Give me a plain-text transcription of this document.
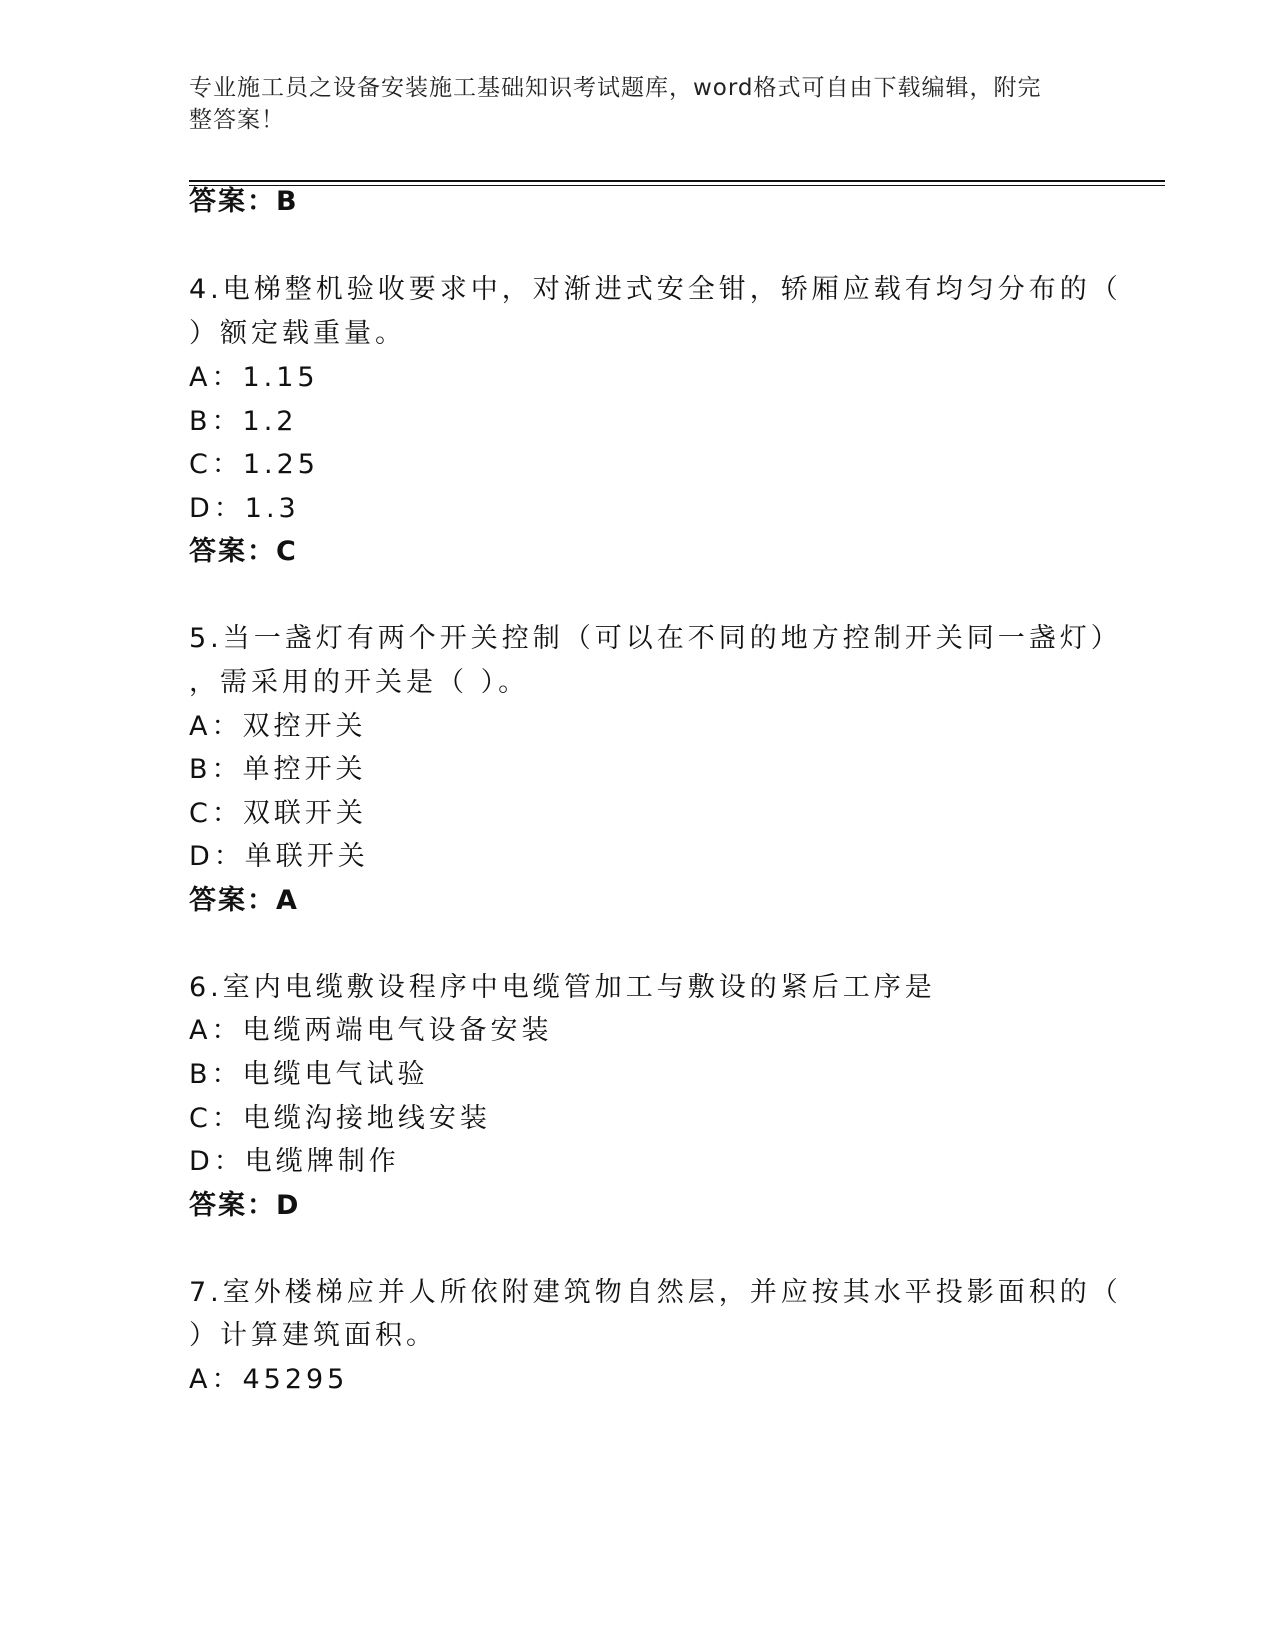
专业施工员之设备安装施工基础知识考试题库，word格式可自由下载编辑，附完
整答案！
答案：B
4.电梯整机验收要求中，对渐进式安全钳，轿厢应载有均匀分布的（
）额定载重量。
A：1.15
B：1.2
C：1.25
D：1.3
答案：C
5.当一盏灯有两个开关控制（可以在不同的地方控制开关同一盏灯）
，需采用的开关是（ ）。
A：双控开关
B：单控开关
C：双联开关
D：单联开关
答案：A
6.室内电缆敷设程序中电缆管加工与敷设的紧后工序是
A：电缆两端电气设备安装
B：电缆电气试验
C：电缆沟接地线安装
D：电缆牌制作
答案：D
7.室外楼梯应并人所依附建筑物自然层，并应按其水平投影面积的（
）计算建筑面积。
A：45295
